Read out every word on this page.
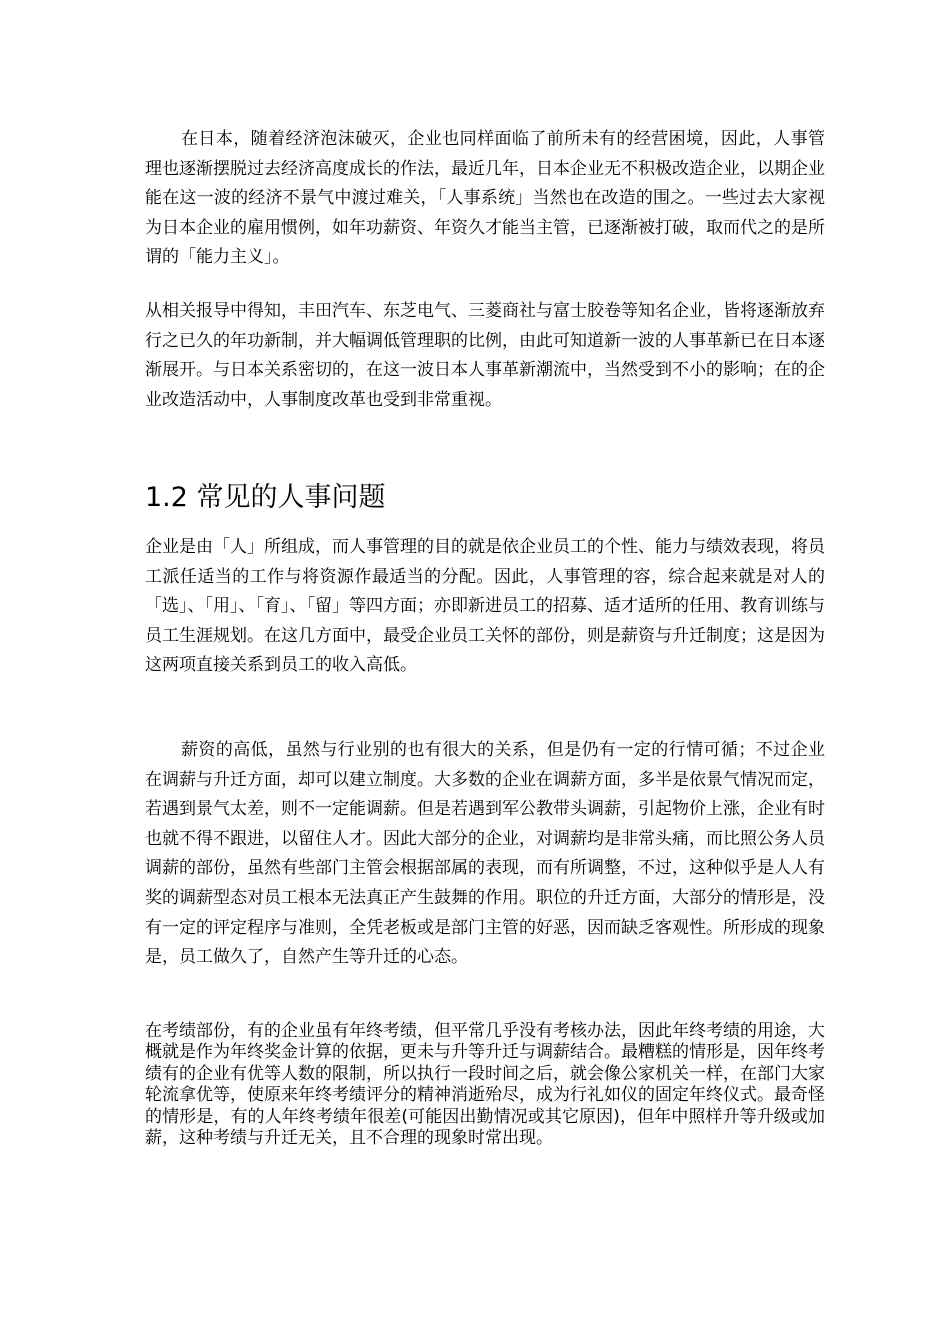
在日本，随着经济泡沫破灭，企业也同样面临了前所未有的经营困境，因此，人事管理也逐渐摆脱过去经济高度成长的作法，最近几年，日本企业无不积极改造企业，以期企业能在这一波的经济不景气中渡过难关，「人事系统」当然也在改造的围之。一些过去大家视为日本企业的雇用惯例，如年功薪资、年资久才能当主管，已逐渐被打破，取而代之的是所谓的「能力主义」。

从相关报导中得知，丰田汽车、东芝电气、三菱商社与富士胶卷等知名企业，皆将逐渐放弃行之已久的年功新制，并大幅调低管理职的比例，由此可知道新一波的人事革新已在日本逐渐展开。与日本关系密切的，在这一波日本人事革新潮流中，当然受到不小的影响；在的企业改造活动中，人事制度改革也受到非常重视。

1.2 常见的人事问题

企业是由「人」所组成，而人事管理的目的就是依企业员工的个性、能力与绩效表现，将员工派任适当的工作与将资源作最适当的分配。因此，人事管理的容，综合起来就是对人的「选」、「用」、「育」、「留」等四方面；亦即新进员工的招募、适才适所的任用、教育训练与员工生涯规划。在这几方面中，最受企业员工关怀的部份，则是薪资与升迁制度；这是因为这两项直接关系到员工的收入高低。

薪资的高低，虽然与行业别的也有很大的关系，但是仍有一定的行情可循；不过企业在调薪与升迁方面，却可以建立制度。大多数的企业在调薪方面，多半是依景气情况而定，若遇到景气太差，则不一定能调薪。但是若遇到军公教带头调薪，引起物价上涨，企业有时也就不得不跟进，以留住人才。因此大部分的企业，对调薪均是非常头痛，而比照公务人员调薪的部份，虽然有些部门主管会根据部属的表现，而有所调整，不过，这种似乎是人人有奖的调薪型态对员工根本无法真正产生鼓舞的作用。职位的升迁方面，大部分的情形是，没有一定的评定程序与准则，全凭老板或是部门主管的好恶，因而缺乏客观性。所形成的现象是，员工做久了，自然产生等升迁的心态。

在考绩部份，有的企业虽有年终考绩，但平常几乎没有考核办法，因此年终考绩的用途，大概就是作为年终奖金计算的依据，更未与升等升迁与调薪结合。最糟糕的情形是，因年终考绩有的企业有优等人数的限制，所以执行一段时间之后，就会像公家机关一样，在部门大家轮流拿优等，使原来年终考绩评分的精神消逝殆尽，成为行礼如仪的固定年终仪式。最奇怪的情形是，有的人年终考绩年很差(可能因出勤情况或其它原因)，但年中照样升等升级或加薪，这种考绩与升迁无关，且不合理的现象时常出现。
